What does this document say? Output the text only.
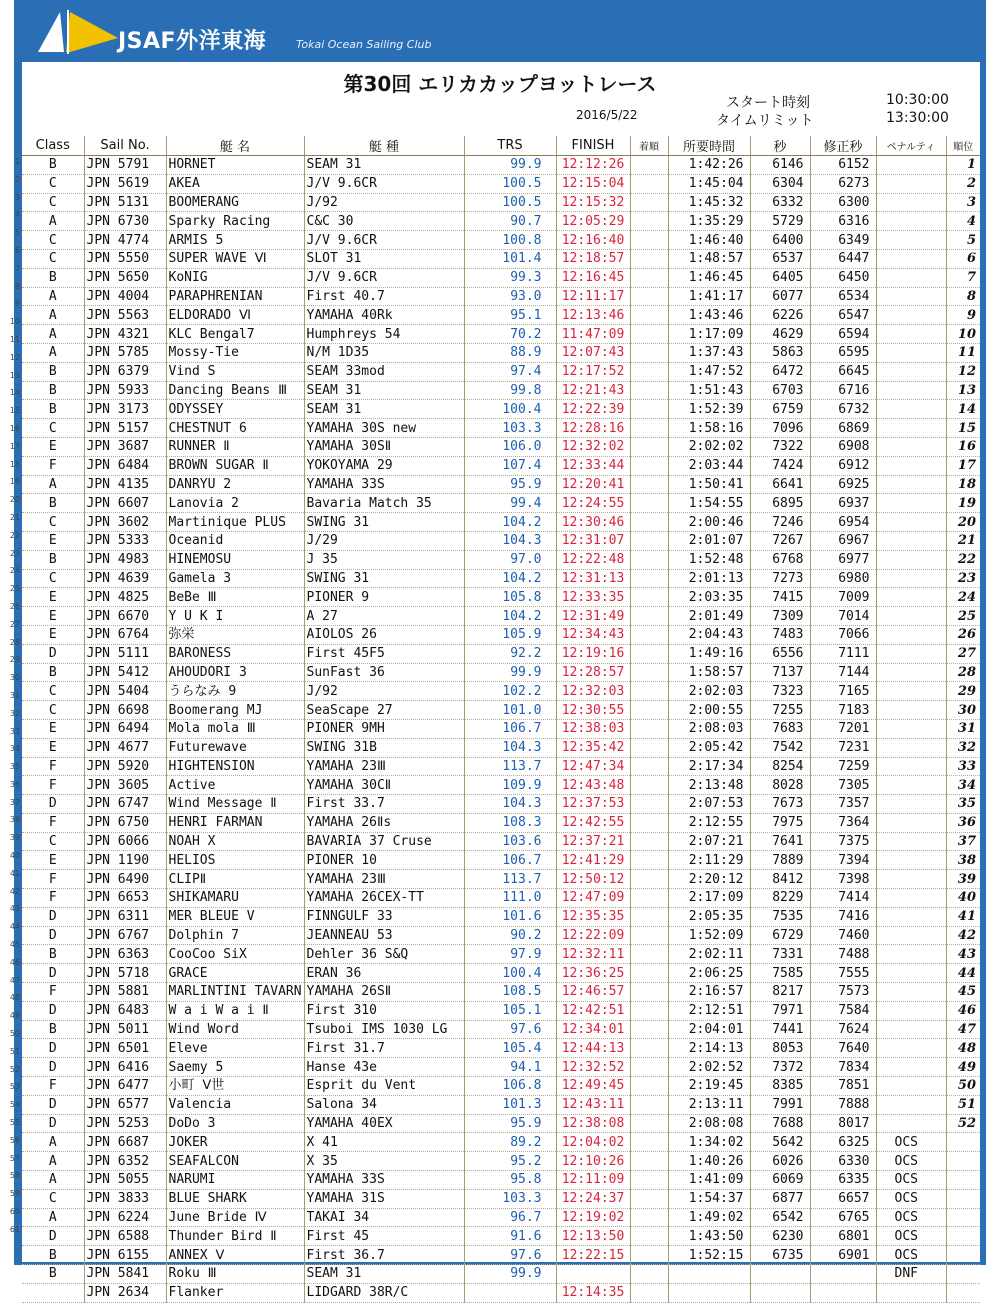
JSAF外洋東海	Tokai Ocean Sailing Club
第30回 エリカカップヨットレース
2016/5/22
スタート時刻	10:30:00
タイムリミット	13:30:00
1
2
3
4
5
6
7
8
9
10
11
12
13
14
15
16
17
18
19
20
21
22
23
24
25
26
27
28
29
30
31
32
33
34
35
36
37
38
39
40
41
42
43
44
45
46
47
48
49
50
51
52
53
54
55
56
57
58
59
60
61
Class	Sail No.	艇 名	艇 種	TRS	FINISH	着順	所要時間	秒	修正秒	ペナルティ	順位
B	JPN 5791	HORNET	SEAM 31	99.9	12:12:26		1:42:26	6146	6152		1
C	JPN 5619	AKEA	J/V 9.6CR	100.5	12:15:04		1:45:04	6304	6273		2
C	JPN 5131	BOOMERANG	J/92	100.5	12:15:32		1:45:32	6332	6300		3
A	JPN 6730	Sparky Racing	C&C 30	90.7	12:05:29		1:35:29	5729	6316		4
C	JPN 4774	ARMIS 5	J/V 9.6CR	100.8	12:16:40		1:46:40	6400	6349		5
C	JPN 5550	SUPER WAVE Ⅵ	SLOT 31	101.4	12:18:57		1:48:57	6537	6447		6
B	JPN 5650	KoNIG	J/V 9.6CR	99.3	12:16:45		1:46:45	6405	6450		7
A	JPN 4004	PARAPHRENIAN	First 40.7	93.0	12:11:17		1:41:17	6077	6534		8
A	JPN 5563	ELDORADO Ⅵ	YAMAHA 40Rk	95.1	12:13:46		1:43:46	6226	6547		9
A	JPN 4321	KLC Bengal7	Humphreys 54	70.2	11:47:09		1:17:09	4629	6594		10
A	JPN 5785	Mossy-Tie	N/M 1D35	88.9	12:07:43		1:37:43	5863	6595		11
B	JPN 6379	Vind S	SEAM 33mod	97.4	12:17:52		1:47:52	6472	6645		12
B	JPN 5933	Dancing Beans Ⅲ	SEAM 31	99.8	12:21:43		1:51:43	6703	6716		13
B	JPN 3173	ODYSSEY	SEAM 31	100.4	12:22:39		1:52:39	6759	6732		14
C	JPN 5157	CHESTNUT 6	YAMAHA 30S new	103.3	12:28:16		1:58:16	7096	6869		15
E	JPN 3687	RUNNER Ⅱ	YAMAHA 30SⅡ	106.0	12:32:02		2:02:02	7322	6908		16
F	JPN 6484	BROWN SUGAR Ⅱ	YOKOYAMA 29	107.4	12:33:44		2:03:44	7424	6912		17
A	JPN 4135	DANRYU 2	YAMAHA 33S	95.9	12:20:41		1:50:41	6641	6925		18
B	JPN 6607	Lanovia 2	Bavaria Match 35	99.4	12:24:55		1:54:55	6895	6937		19
C	JPN 3602	Martinique PLUS	SWING 31	104.2	12:30:46		2:00:46	7246	6954		20
E	JPN 5333	Oceanid	J/29	104.3	12:31:07		2:01:07	7267	6967		21
B	JPN 4983	HINEMOSU	J 35	97.0	12:22:48		1:52:48	6768	6977		22
C	JPN 4639	Gamela 3	SWING 31	104.2	12:31:13		2:01:13	7273	6980		23
E	JPN 4825	BeBe Ⅲ	PIONER 9	105.8	12:33:35		2:03:35	7415	7009		24
E	JPN 6670	Y U K I	A 27	104.2	12:31:49		2:01:49	7309	7014		25
E	JPN 6764	弥栄	AIOLOS 26	105.9	12:34:43		2:04:43	7483	7066		26
D	JPN 5111	BARONESS	First 45F5	92.2	12:19:16		1:49:16	6556	7111		27
B	JPN 5412	AHOUDORI 3	SunFast 36	99.9	12:28:57		1:58:57	7137	7144		28
C	JPN 5404	うらなみ 9	J/92	102.2	12:32:03		2:02:03	7323	7165		29
C	JPN 6698	Boomerang MJ	SeaScape 27	101.0	12:30:55		2:00:55	7255	7183		30
E	JPN 6494	Mola mola Ⅲ	PIONER 9MH	106.7	12:38:03		2:08:03	7683	7201		31
E	JPN 4677	Futurewave	SWING 31B	104.3	12:35:42		2:05:42	7542	7231		32
F	JPN 5920	HIGHTENSION	YAMAHA 23Ⅲ	113.7	12:47:34		2:17:34	8254	7259		33
F	JPN 3605	Active	YAMAHA 30CⅡ	109.9	12:43:48		2:13:48	8028	7305		34
D	JPN 6747	Wind Message Ⅱ	First 33.7	104.3	12:37:53		2:07:53	7673	7357		35
F	JPN 6750	HENRI FARMAN	YAMAHA 26Ⅱs	108.3	12:42:55		2:12:55	7975	7364		36
C	JPN 6066	NOAH X	BAVARIA 37 Cruse	103.6	12:37:21		2:07:21	7641	7375		37
E	JPN 1190	HELIOS	PIONER 10	106.7	12:41:29		2:11:29	7889	7394		38
F	JPN 6490	CLIPⅡ	YAMAHA 23Ⅲ	113.7	12:50:12		2:20:12	8412	7398		39
F	JPN 6653	SHIKAMARU	YAMAHA 26CEX-TT	111.0	12:47:09		2:17:09	8229	7414		40
D	JPN 6311	MER BLEUE V	FINNGULF 33	101.6	12:35:35		2:05:35	7535	7416		41
D	JPN 6767	Dolphin 7	JEANNEAU 53	90.2	12:22:09		1:52:09	6729	7460		42
B	JPN 6363	CooCoo SiX	Dehler 36 S&Q	97.9	12:32:11		2:02:11	7331	7488		43
D	JPN 5718	GRACE	ERAN 36	100.4	12:36:25		2:06:25	7585	7555		44
F	JPN 5881	MARLINTINI TAVARN	YAMAHA 26SⅡ	108.5	12:46:57		2:16:57	8217	7573		45
D	JPN 6483	W a i W a i Ⅱ	First 310	105.1	12:42:51		2:12:51	7971	7584		46
B	JPN 5011	Wind Word	Tsuboi IMS 1030 LG	97.6	12:34:01		2:04:01	7441	7624		47
D	JPN 6501	Eleve	First 31.7	105.4	12:44:13		2:14:13	8053	7640		48
D	JPN 6416	Saemy 5	Hanse 43e	94.1	12:32:52		2:02:52	7372	7834		49
F	JPN 6477	小町 Ⅴ世	Esprit du Vent	106.8	12:49:45		2:19:45	8385	7851		50
D	JPN 6577	Valencia	Salona 34	101.3	12:43:11		2:13:11	7991	7888		51
D	JPN 5253	DoDo 3	YAMAHA 40EX	95.9	12:38:08		2:08:08	7688	8017		52
A	JPN 6687	JOKER	X 41	89.2	12:04:02		1:34:02	5642	6325	OCS	
A	JPN 6352	SEAFALCON	X 35	95.2	12:10:26		1:40:26	6026	6330	OCS	
A	JPN 5055	NARUMI	YAMAHA 33S	95.8	12:11:09		1:41:09	6069	6335	OCS	
C	JPN 3833	BLUE SHARK	YAMAHA 31S	103.3	12:24:37		1:54:37	6877	6657	OCS	
A	JPN 6224	June Bride Ⅳ	TAKAI 34	96.7	12:19:02		1:49:02	6542	6765	OCS	
D	JPN 6588	Thunder Bird Ⅱ	First 45	91.6	12:13:50		1:43:50	6230	6801	OCS	
B	JPN 6155	ANNEX Ⅴ	First 36.7	97.6	12:22:15		1:52:15	6735	6901	OCS	
B	JPN 5841	Roku Ⅲ	SEAM 31	99.9						DNF	
	JPN 2634	Flanker	LIDGARD 38R/C		12:14:35						
